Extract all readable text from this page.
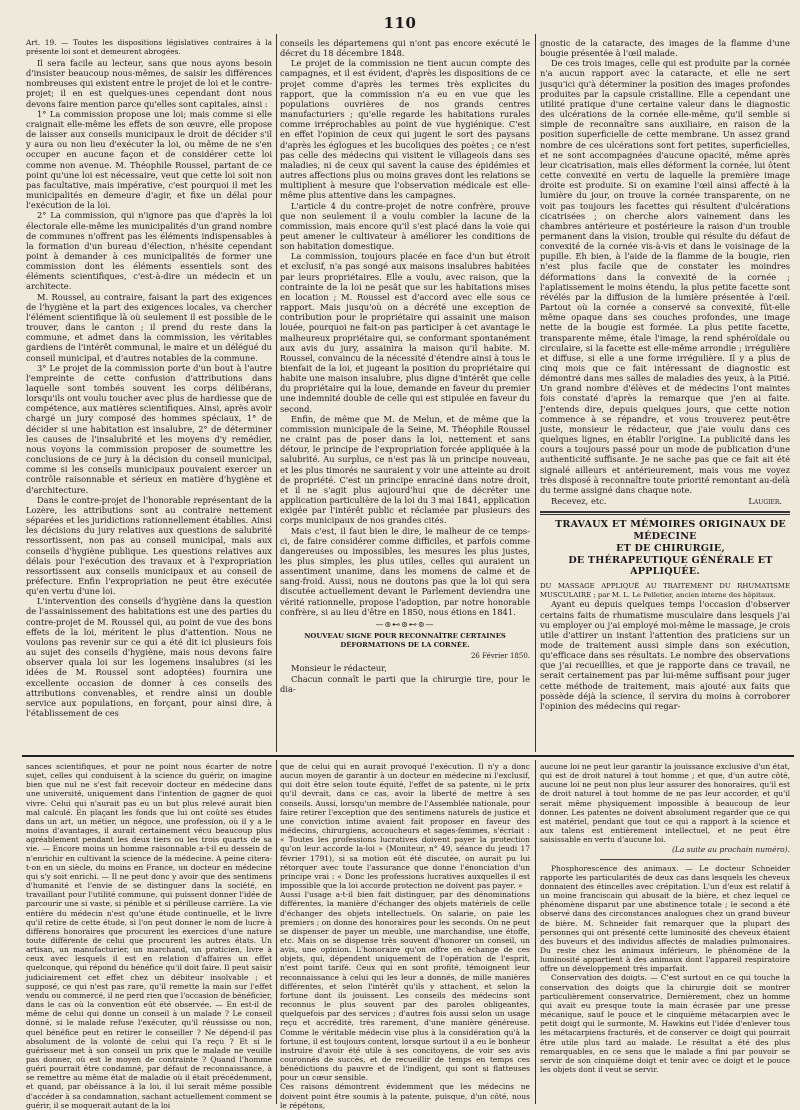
110

Art. 19. — Toutes les dispositions législatives contraires à la présente loi sont et demeurent abrogées.

Il sera facile au lecteur, sans que nous ayons besoin d'insister beaucoup nous-mêmes, de saisir les différences nombreuses qui existent entre le projet de loi et le contre-projet; il en est quelques-unes cependant dont nous devons faire mention parce qu'elles sont capitales, ainsi :

1° La commission propose une loi; mais comme si elle craignait elle-même les effets de son œuvre, elle propose de laisser aux conseils municipaux le droit de décider s'il y aura ou non lieu d'exécuter la loi, ou même de ne s'en occuper en aucune façon et de considérer cette loi comme non avenue. M. Théophile Roussel, partant de ce point qu'une loi est nécessaire, veut que cette loi soit non pas facultative, mais impérative, c'est pourquoi il met les municipalités en demeure d'agir, et fixe un délai pour l'exécution de la loi.

2° La commission, qui n'ignore pas que d'après la loi électorale elle-même les municipalités d'un grand nombre de communes n'offrent pas les éléments indispensables à la formation d'un bureau d'élection, n'hésite cependant point à demander à ces municipalités de former une commission dont les éléments essentiels sont des éléments scientifiques, c'est-à-dire un médecin et un architecte.

M. Roussel, au contraire, faisant la part des exigences de l'hygiène et la part des exigences locales, va chercher l'élément scientifique là où seulement il est possible de le trouver, dans le canton ; il prend du reste dans la commune, et admet dans la commission, les véritables gardiens de l'intérêt communal, le maire et un délégué du conseil municipal, et d'autres notables de la commune.

3° Le projet de la commission porte d'un bout à l'autre l'empreinte de cette confusion d'attributions dans laquelle sont tombés souvent les corps délibérans, lorsqu'ils ont voulu toucher avec plus de hardiesse que de compétence, aux matières scientifiques. Ainsi, après avoir chargé un jury composé des hommes spéciaux, 1° de décider si une habitation est insalubre, 2° de déterminer les causes de l'insalubrité et les moyens d'y remédier, nous voyons la commission proposer de soumettre les conclusions de ce jury à la décision du conseil municipal, comme si les conseils municipaux pouvaient exercer un contrôle raisonnable et sérieux en matière d'hygiène et d'architecture.

Dans le contre-projet de l'honorable représentant de la Lozère, les attributions sont au contraire nettement séparées et les juridictions rationnellement établies. Ainsi les décisions du jury relatives aux questions de salubrité ressortissent, non pas au conseil municipal, mais aux conseils d'hygiène publique. Les questions relatives aux délais pour l'exécution des travaux et à l'expropriation ressortissent aux conseils municipaux et au conseil de préfecture. Enfin l'expropriation ne peut être exécutée qu'en vertu d'une loi.

L'intervention des conseils d'hygiène dans la question de l'assainissement des habitations est une des parties du contre-projet de M. Roussel qui, au point de vue des bons effets de la loi, méritent le plus d'attention. Nous ne voulons pas revenir sur ce qui a été dit ici plusieurs fois au sujet des conseils d'hygiène, mais nous devons faire observer quala loi sur les logemens insalubres (si les idées de M. Roussel sont adoptées) fournira une excellente occasion de donner à ces conseils des attributions convenables, et rendre ainsi un double service aux populations, en forçant, pour ainsi dire, à l'établissement de ces

conseils les départemens qui n'ont pas encore exécuté le décret du 18 décembre 1848.

Le projet de la commission ne tient aucun compte des campagnes, et il est évident, d'après les dispositions de ce projet comme d'après les termes très explicites du rapport, que la commission n'a eu en vue que les populations ouvrières de nos grands centres manufacturiers ; qu'elle regarde les habitations rurales comme irréprochables au point de vue hygiénique. C'est en effet l'opinion de ceux qui jugent le sort des paysans d'après les églogues et les bucoliques des poètes ; ce n'est pas celle des médecins qui visitent le villageois dans ses maladies, ni de ceux qui savent la cause des épidémies et autres affections plus ou moins graves dont les relations se multiplient à mesure que l'observation médicale est elle-même plus attentive dans les campagnes.

L'article 4 du contre-projet de notre confrère, prouve que non seulement il a voulu combler la lacune de la commission, mais encore qu'il s'est placé dans la voie qui peut amener le cultivateur à améliorer les conditions de son habitation domestique.

La commission, toujours placée en face d'un but étroit et exclusif, n'a pas songé aux maisons insalubres habitées par leurs propriétaires. Elle a voulu, avec raison, que la contrainte de la loi ne pesât que sur les habitations mises en location ; M. Roussel est d'accord avec elle sous ce rapport. Mais jusqu'où on a décrété une exception de contribution pour le propriétaire qui assainit une maison louée, pourquoi ne fait-on pas participer à cet avantage le malheureux propriétaire qui, se conformant spontanément aux avis du jury, assainira la maison qu'il habite. M. Roussel, convaincu de la nécessité d'étendre ainsi à tous le bienfait de la loi, et jugeant la position du propriétaire qui habite une maison insalubre, plus digne d'intérêt que celle du propriétaire qui la loue, demande en faveur du premier une indemnité double de celle qui est stipulée en faveur du second.

Enfin, de même que M. de Melun, et de même que la commission municipale de la Seine, M. Théophile Roussel ne craint pas de poser dans la loi, nettement et sans détour, le principe de l'expropriation forcée appliquée à la salubrité. Au surplus, ce n'est pas là un principe nouveau, et les plus timorés ne sauraient y voir une atteinte au droit de propriété. C'est un principe enraciné dans notre droit, et il ne s'agit plus aujourd'hui que de décréter une application particulière de la loi du 3 mai 1841, application exigée par l'intérêt public et réclamée par plusieurs des corps municipaux de nos grandes cités.

Mais c'est, il faut bien le dire, le malheur de ce temps-ci, de faire considérer comme difficiles, et parfois comme dangereuses ou impossibles, les mesures les plus justes, les plus simples, les plus utiles, celles qui auraient un assentiment unanime, dans les momens de calme et de sang-froid. Aussi, nous ne doutons pas que la loi qui sera discutée actuellement devant le Parlement deviendra une vérité rationnelle, propose l'adoption, par notre honorable confrère, si au lieu d'être en 1850, nous étions en 1841.

—⊚⊷⊚⊷⊚—

NOUVEAU SIGNE POUR RECONNAÎTRE CERTAINES DÉFORMATIONS DE LA CORNÉE.

26 Février 1850.

Monsieur le rédacteur,

Chacun connaît le parti que la chirurgie tire, pour le dia-

gnostic de la cataracte, des images de la flamme d'une bougie présentée à l'œil malade.

De ces trois images, celle qui est produite par la cornée n'a aucun rapport avec la cataracte, et elle ne sert jusqu'ici qu'à déterminer la position des images profondes produites par la capsule cristalline. Elle a cependant une utilité pratique d'une certaine valeur dans le diagnostic des ulcérations de la cornée elle-même, qu'il semble si simple de reconnaître sans auxiliaire, en raison de la position superficielle de cette membrane. Un assez grand nombre de ces ulcérations sont fort petites, superficielles, et ne sont accompagnées d'aucune opacité, même après leur cicatrisation, mais elles déforment la cornée, lui ôtent cette convexité en vertu de laquelle la première image droite est produite. Si on examine l'œil ainsi affecté à la lumière du jour, on trouve la cornée transparente, on ne voit pas toujours les facettes qui résultent d'ulcérations cicatrisées ; on cherche alors vainement dans les chambres antérieure et postérieure la raison d'un trouble permanent dans la vision, trouble qui résulte du défaut de convexité de la cornée vis-à-vis et dans le voisinage de la pupille. Eh bien, à l'aide de la flamme de la bougie, rien n'est plus facile que de constater les moindres déformations dans la convexité de la cornée ; l'aplatissement le moins étendu, la plus petite facette sont révélés par la diffusion de la lumière présentée à l'œil. Partout où la cornée a conservé sa convexité, fût-elle même opaque dans ses couches profondes, une image nette de la bougie est formée. La plus petite facette, transparente même, étale l'image, la rend sphéroïdale ou circulaire, si la facette est elle-même arrondie ; irrégulière et diffuse, si elle a une forme irrégulière. Il y a plus de cinq mois que ce fait intéressant de diagnostic est démontré dans mes salles de maladies des yeux, à la Pitié. Un grand nombre d'élèves et de médecins l'ont maintes fois constaté d'après la remarque que j'en ai faite. J'entends dire, depuis quelques jours, que cette notion commence à se répandre, et vous trouverez peut-être juste, monsieur le rédacteur, que j'aie voulu dans ces quelques lignes, en établir l'origine. La publicité dans les cours a toujours passé pour un mode de publication d'une authenticité suffisante. Je ne sache pas que ce fait ait été signalé ailleurs et antérieurement, mais vous me voyez très disposé à reconnaître toute priorité remontant au-delà du terme assigné dans chaque note.

Recevez, etc.	Laugier.

TRAVAUX ET MÉMOIRES ORIGINAUX DE MÉDECINE

ET DE CHIRURGIE,

DE THÉRAPEUTIQUE GÉNÉRALE ET APPLIQUÉE.

DU MASSAGE APPLIQUÉ AU TRAITEMENT DU RHUMATISME MUSCULAIRE ; par M. L. Le Pelletier, ancien interne des hôpitaux.

Ayant eu depuis quelques temps l'occasion d'observer certains faits de rhumatisme musculaire dans lesquels j'ai vu employer ou j'ai employé moi-même le massage, je crois utile d'attirer un instant l'attention des praticiens sur un mode de traitement aussi simple dans son exécution, qu'efficace dans ses résultats. Le nombre des observations que j'ai recueillies, et que je rapporte dans ce travail, ne serait certainement pas par lui-même suffisant pour juger cette méthode de traitement, mais ajouté aux faits que possède déjà la science, il servira du moins à corroborer l'opinion des médecins qui regar-

sances scientifiques, et pour ne point nous écarter de notre sujet, celles qui conduisent à la science du guérir, on imagine bien que nul ne s'est fait recevoir docteur en médecine dans une université, uniquement dans l'intention de gagner de quoi vivre. Celui qui n'aurait pas eu un but plus relevé aurait bien mal calculé. En plaçant les fonds que lui ont coûté ses études dans un art, un métier, un négoce, une profession, où il y a le moins d'avantages, il aurait certainement vécu beaucoup plus agréablement pendant les deux tiers ou les trois quarts de sa vie. — Encore moins un homme raisonnable a-t-il eu dessein de n'enrichir en cultivant la science de la médecine. A peine citera-t-on en un siècle, du moins en France, un docteur en médecine qui s'y soit enrichi. — Il ne peut donc y avoir que des sentimens d'humanité et l'envie de se distinguer dans la société, en travaillant pour l'utilité commune, qui puissent donner l'idée de parcourir une si vaste, si pénible et si périlleuse carrière. La vie entière du médecin n'est qu'une étude continuelle, et le livre qu'il retire de cette étude, si l'on peut donner le nom de lucre à différens honoraires que procurent les exercices d'une nature toute différente de celui que procurent les autres états. Un artisan, un manufacturier, un marchand, un praticien, livre à ceux avec lesquels il est en relation d'affaires un effet quelconque, qui répond du bénéfice qu'il doit faire. Il peut saisir judiciairement cet effet chez un débiteur insolvable ; et supposé, ce qui n'est pas rare, qu'il remette la main sur l'effet vendu ou commercé, il ne perd rien que l'occasion de bénéficier, dans le cas où la convention eût été observée. — En est-il de même de celui qui donne un conseil à un malade ? Le conseil donné, si le malade refuse l'exécuter, qu'il réussisse ou non, quel bénéfice peut en retirer le conseiller ? Ne dépend-il pas absolument de la volonté de celui qui l'a reçu ? Et si le guérisseur met à son conseil un prix que le malade ne veuille pas donner, où est le moyen de contrainte ? Quand l'homme guéri pourrait être condamné, par défaut de reconnaissance, à se remettre au même état de maladie où il était précédemment, et quand, par obéissance à la loi, il lui serait même possible d'accéder à sa condamnation, sachant actuellement comment se guérir, il se moquerait autant de la loi

que de celui qui en aurait provoqué l'exécution. Il n'y a donc aucun moyen de garantir à un docteur en médecine ni l'exclusif, qui doit être selon toute équité, l'effet de sa patente, ni le prix qu'il devrait, dans ce cas, avoir la liberté de mettre à ses conseils. Aussi, lorsqu'un membre de l'Assemblée nationale, pour faire retirer l'exception que des sentimens naturels de justice et une conviction intime avaient fait proposer en faveur des médecins, chirurgiens, accoucheurs et sages-femmes, s'écriait : « Toutes les professions lucratives doivent payer la protection qu'on leur accorde la-loi » (Moniteur, n° 49, séance du jeudi 17 février 1791), si sa motion eût été discutée, on aurait pu lui rétorquer avec toute l'assurance que donne l'énonciation d'un principe vrai : « Donc les professions lucratives auxquelles il est impossible que la loi accorde protection ne doivent pas payer. »
Aussi l'usage a-t-il bien fait distinguer, par des dénominations différentes, la manière d'échanger des objets matériels de celle d'échanger des objets intellectuels. On salarie, on paie les premiers ; on donne des honoraires pour les seconds. On ne peut se dispenser de payer un meuble, une marchandise, une étoffe, etc. Mais on se dispense très souvent d'honorer un conseil, un avis, une opinion. L'honoraire qu'on offre en échange de ces objets, qui, dépendent uniquement de l'opération de l'esprit, n'est point tarifé. Ceux qui en sont profité, témoignent leur reconnaissance à celui qui les leur a donnés, de mille manières différentes, et selon l'intérêt qu'ils y attachent, et selon la fortune dont ils jouissent. Les conseils des médecins sont reconnus le plus souvent par des paroles obligeantes, quelquefois par des services ; d'autres fois aussi selon un usage reçu et accrédité, très rarement, d'une manière généreuse. Comme le véritable médecin vise plus à la considération qu'à la fortune, il est toujours content, lorsque surtout il a eu le bonheur instruire d'avoir été utile à ses concitoyens, de voir ses avis couronnés de succès, et de recueillir de temps en temps ces bénédictions du pauvre et de l'indigent, qui sont si flatteuses pour un cœur sensible.
Ces raisons démontrent évidemment que les médecins ne doivent point être soumis à la patente, puisque, d'un côté, nous le répétons,

aucune loi ne peut leur garantir la jouissance exclusive d'un état, qui est de droit naturel à tout homme ; et que, d'un autre côté, aucune loi ne peut non plus leur assurer des honoraires, qu'il est de droit naturel à tout homme de ne pas leur accorder, et qu'il serait même physiquement impossible à beaucoup de leur donner. Les patentes ne doivent absolument regarder que ce qui est matériel, pendant que tout ce qui a rapport à la science et aux talens est entièrement intellectuel, et ne peut être saisissable en vertu d'aucune loi.

(La suite au prochain numéro).

Phosphorescence des animaux. — Le docteur Schneider rapporte les particularités de deux cas dans lesquels les cheveux donnaient des étincelles avec crépitation. L'un d'eux est relatif à un moine franciscain qui abusait de la bière, et chez lequel ce phénomène disparut par une abstinence totale ; le second a été observé dans des circonstances analogues chez un grand buveur de bière. M. Schneider fait remarquer que la plupart des personnes qui ont présenté cette luminosité des cheveux étaient des buveurs et des individus affectés de maladies pulmonaires. Du reste chez les animaux inférieurs, le phénomène de la luminosité appartient à des animaux dont l'appareil respiratoire offre un développement très imparfait.

Conservation des doigts. — C'est surtout en ce qui touche la conservation des doigts que la chirurgie doit se montrer particulièrement conservatrice. Dernièrement, chez un homme qui avait eu presque toute la main écrasée par une presse mécanique, sauf le pouce et le cinquième métacarpien avec le petit doigt qui le surmonte, M. Hawkins eut l'idée d'enlever tous les métacarpiens fracturés, et de conserver ce doigt qui pourrait être utile plus tard au malade. Le résultat a été des plus remarquables, en ce sens que le malade a fini par pouvoir se servir de son cinquième doigt et tenir avec ce doigt et le pouce les objets dont il veut se servir.
